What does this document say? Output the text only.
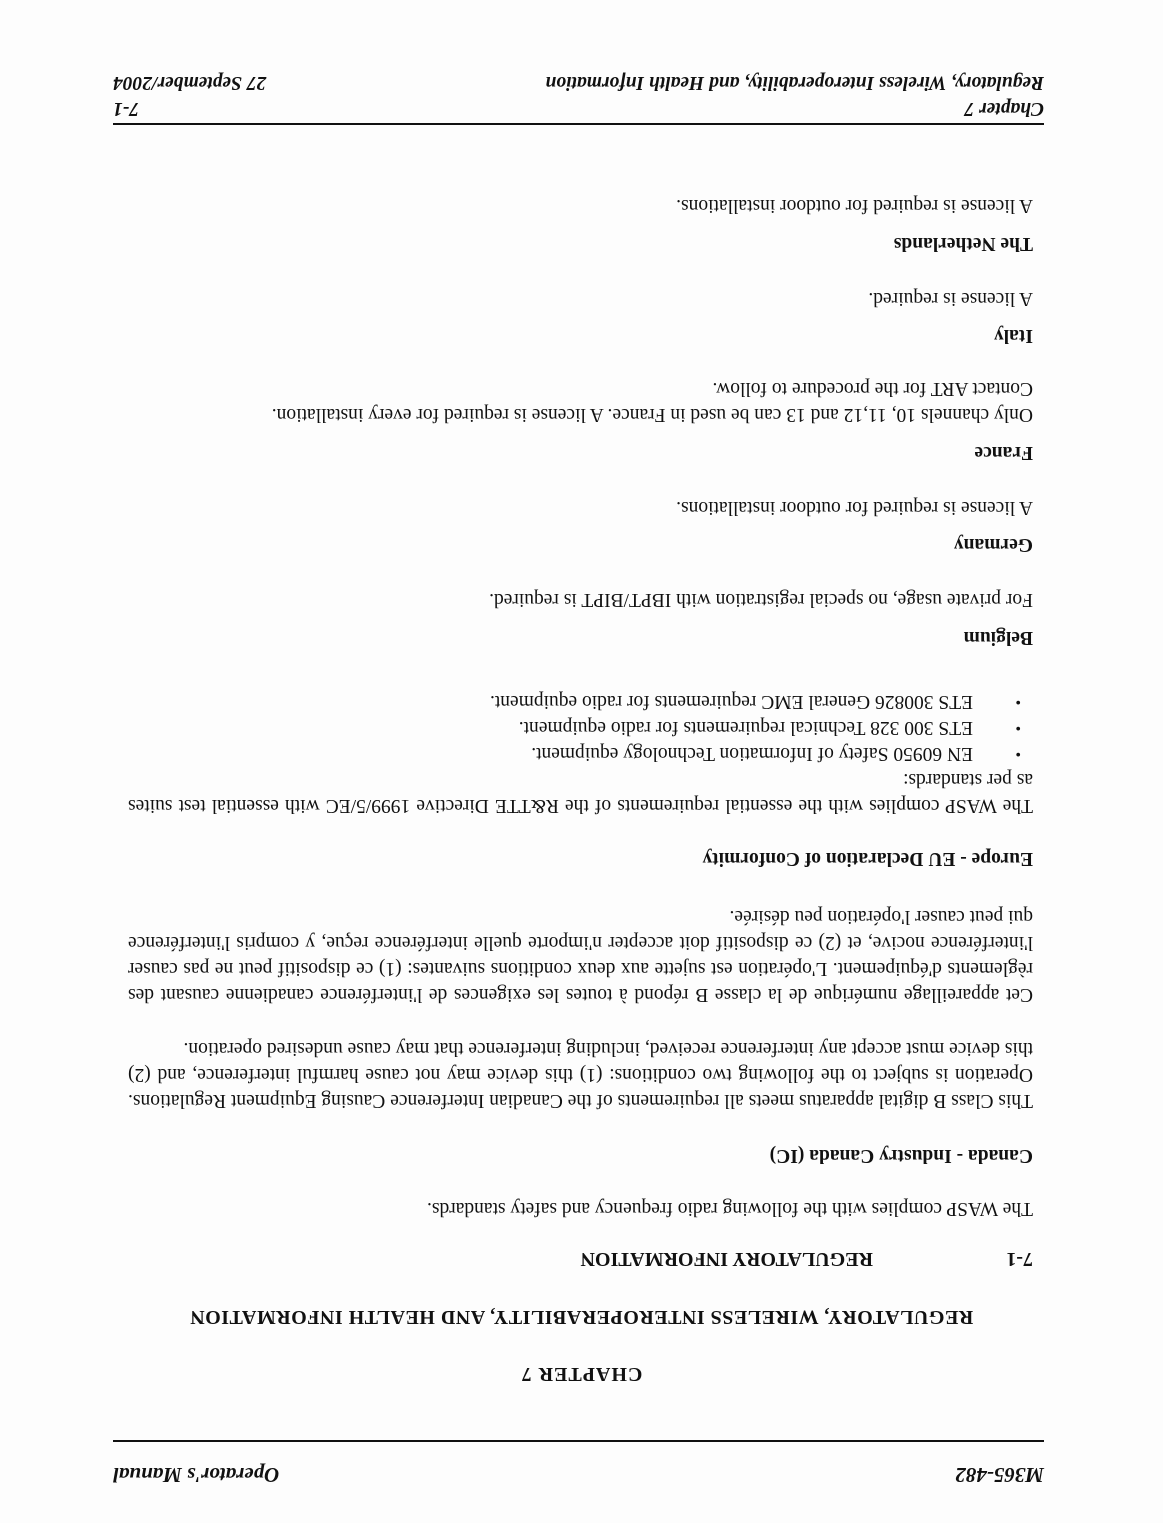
M365-482
Operator's Manual
CHAPTER 7
REGULATORY, WIRELESS INTEROPERABILITY, AND HEALTH INFORMATION
7-1REGULATORY INFORMATION
The WASP complies with the following radio frequency and safety standards.
Canada - Industry Canada (IC)
This Class B digital apparatus meets all requirements of the Canadian Interference Causing Equipment Regulations. Operation is subject to the following two conditions: (1) this device may not cause harmful interference, and (2) this device must accept any interference received, including interference that may cause undesired operation.
Cet appareillage numérique de la classe B répond à toutes les exigences de l'interférence canadienne causant des règlements d'équipement. L'opération est sujette aux deux conditions suivantes: (1) ce dispositif peut ne pas causer l'interférence nocive, et (2) ce dispositif doit accepter n'importe quelle interférence reçue, y compris l'interférence qui peut causer l'opération peu désirée.
Europe - EU Declaration of Conformity
The WASP complies with the essential requirements of the R&TTE Directive 1999/5/EC with essential test suites as per standards:
• EN 60950 Safety of Information Technology equipment.
• ETS 300 328 Technical requirements for radio equipment.
• ETS 300826 General EMC requirements for radio equipment.
Belgium
For private usage, no special registration with IBPT/BIPT is required.
Germany
A license is required for outdoor installations.
France
Only channels 10, 11,12 and 13 can be used in France. A license is required for every installation.
Contact ART for the procedure to follow.
Italy
A license is required.
The Netherlands
A license is required for outdoor installations.
Chapter 7
7-1
Regulatory, Wireless Interoperability, and Health Information
27 September/2004
